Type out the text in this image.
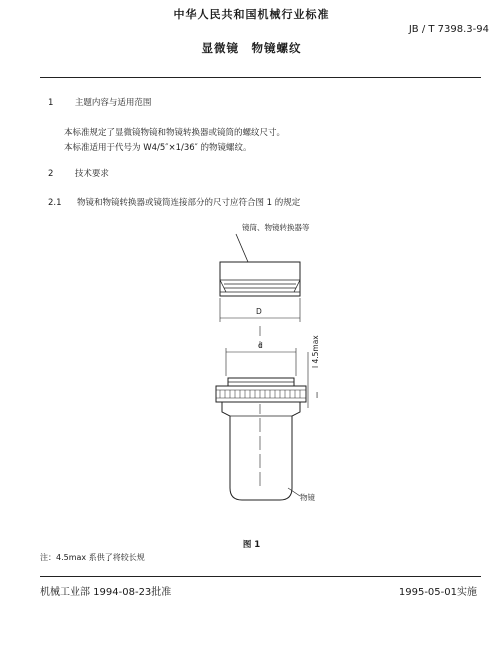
中华人民共和国机械行业标准
JB / T 7398.3-94
显微镜　物镜螺纹
1	主题内容与适用范围
本标准规定了显微镜物镜和物镜转换器或镜筒的螺纹尺寸。
本标准适用于代号为 W4/5″×1/36″ 的物镜螺纹。
2	技术要求
2.1 物镜和物镜转换器或镜筒连接部分的尺寸应符合图 1 的规定
镜筒、物镜转换器等
D
d	l 4.5max
l
物镜
图 1
注：4.5max 系供了将较长规
机械工业部 1994-08-23批准	1995-05-01实施
